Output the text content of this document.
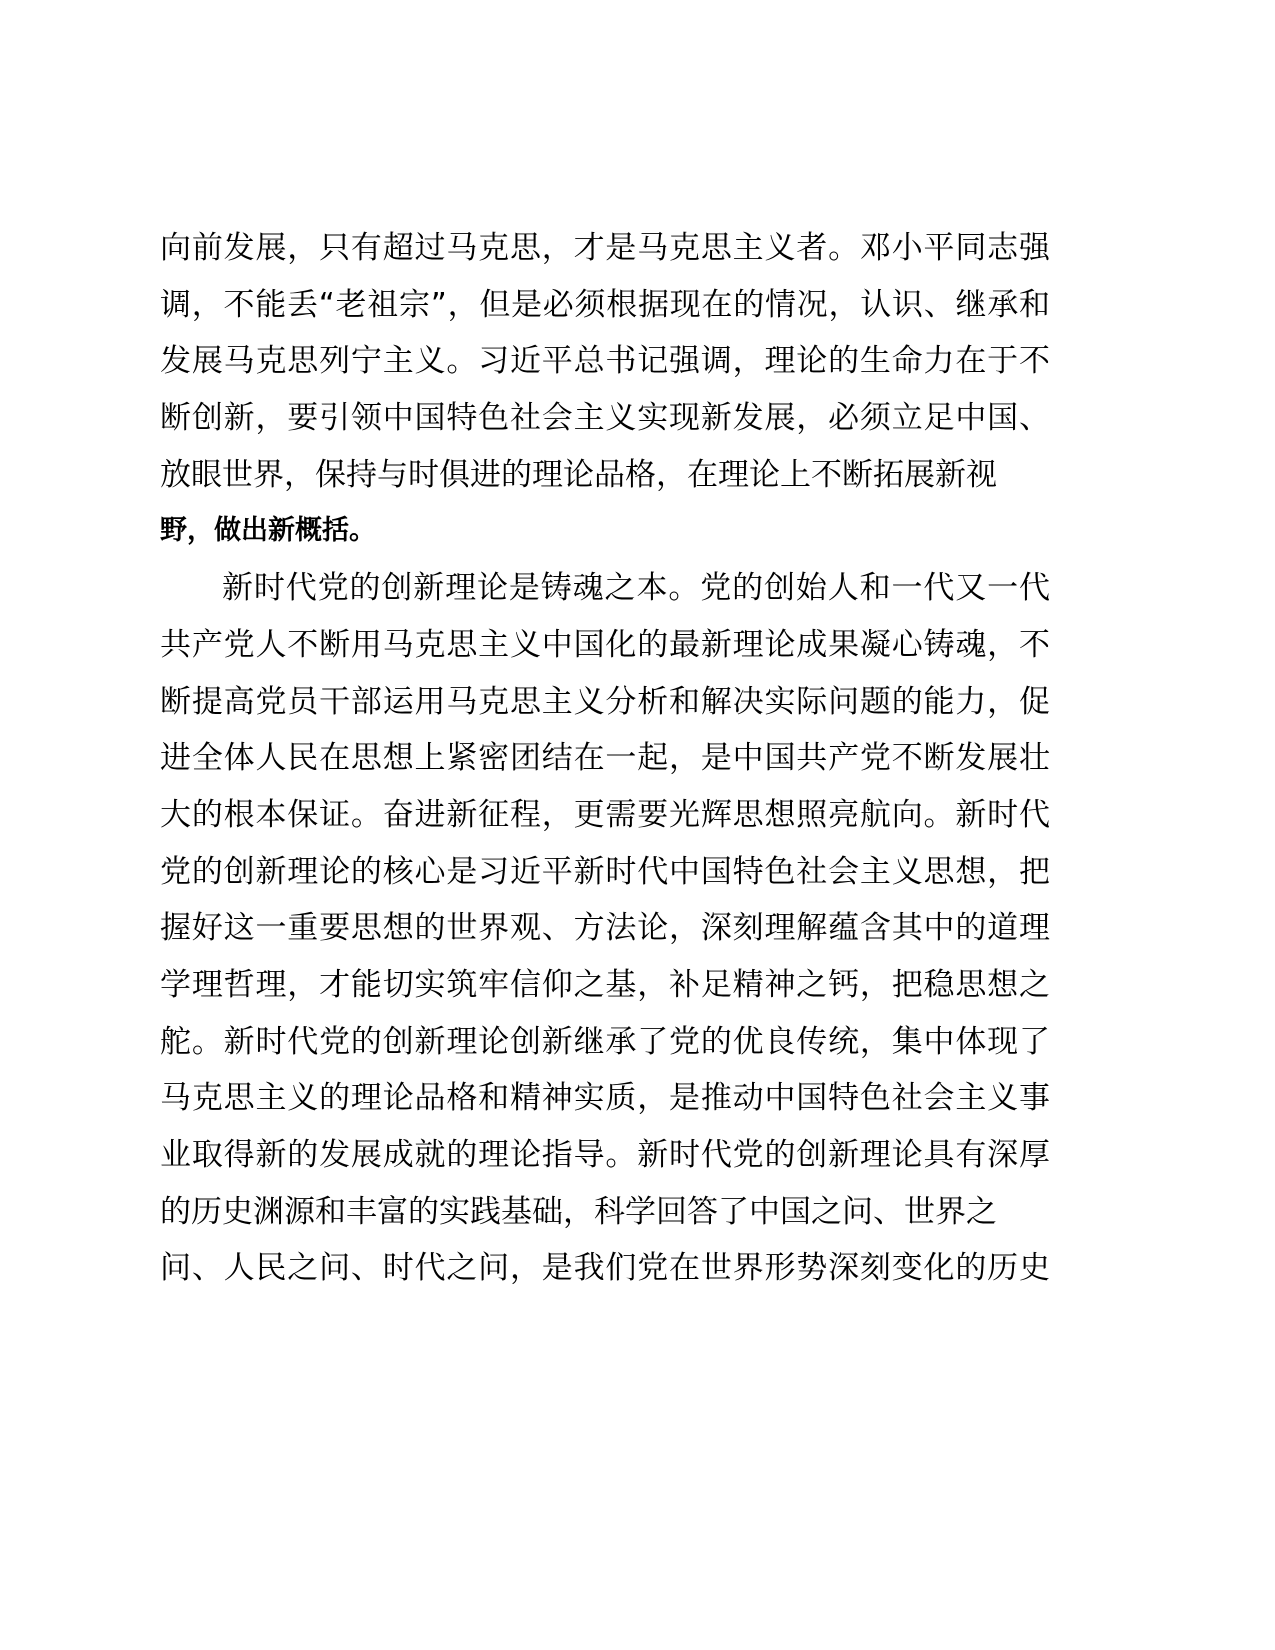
向前发展，只有超过马克思，才是马克思主义者。邓小平同志强
调，不能丢“老祖宗”，但是必须根据现在的情况，认识、继承和
发展马克思列宁主义。习近平总书记强调，理论的生命力在于不
断创新，要引领中国特色社会主义实现新发展，必须立足中国、
放眼世界，保持与时俱进的理论品格，在理论上不断拓展新视
野，做出新概括。
新时代党的创新理论是铸魂之本。党的创始人和一代又一代
共产党人不断用马克思主义中国化的最新理论成果凝心铸魂，不
断提高党员干部运用马克思主义分析和解决实际问题的能力，促
进全体人民在思想上紧密团结在一起，是中国共产党不断发展壮
大的根本保证。奋进新征程，更需要光辉思想照亮航向。新时代
党的创新理论的核心是习近平新时代中国特色社会主义思想，把
握好这一重要思想的世界观、方法论，深刻理解蕴含其中的道理
学理哲理，才能切实筑牢信仰之基，补足精神之钙，把稳思想之
舵。新时代党的创新理论创新继承了党的优良传统，集中体现了
马克思主义的理论品格和精神实质，是推动中国特色社会主义事
业取得新的发展成就的理论指导。新时代党的创新理论具有深厚
的历史渊源和丰富的实践基础，科学回答了中国之问、世界之
问、人民之问、时代之问，是我们党在世界形势深刻变化的历史
